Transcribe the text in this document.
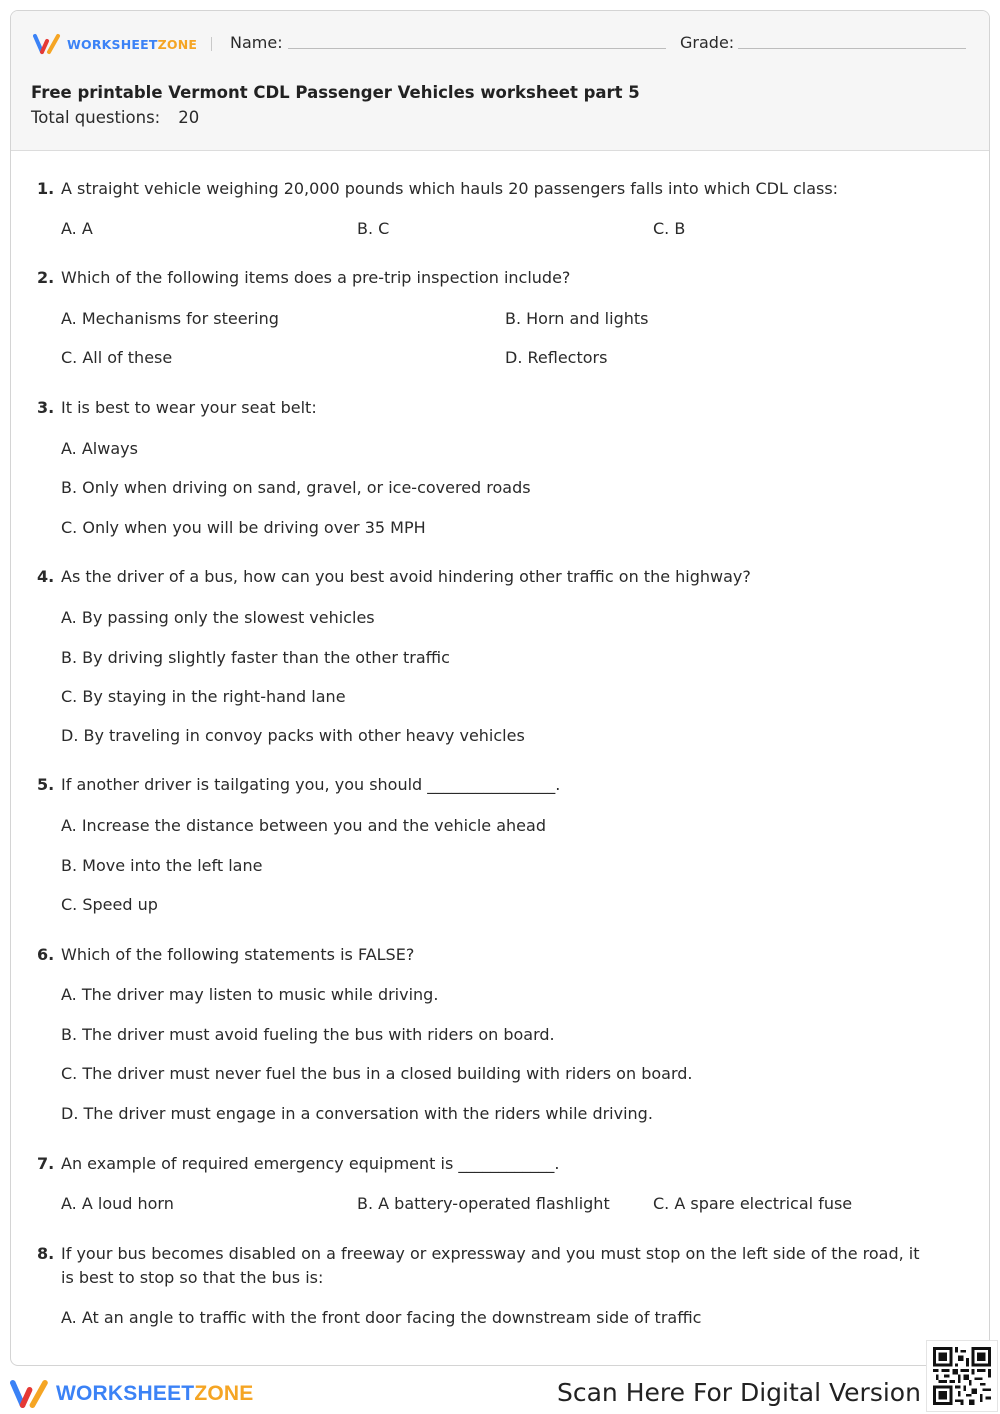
WORKSHEETZONE Name:	Grade:
Free printable Vermont CDL Passenger Vehicles worksheet part 5
Total questions: 20
1. A straight vehicle weighing 20,000 pounds which hauls 20 passengers falls into which CDL class:
A. A	B. C	C. B
2. Which of the following items does a pre-trip inspection include?
A. Mechanisms for steering	B. Horn and lights
C. All of these	D. Reflectors
3. It is best to wear your seat belt:
A. Always
B. Only when driving on sand, gravel, or ice-covered roads
C. Only when you will be driving over 35 MPH
4. As the driver of a bus, how can you best avoid hindering other traffic on the highway?
A. By passing only the slowest vehicles
B. By driving slightly faster than the other traffic
C. By staying in the right-hand lane
D. By traveling in convoy packs with other heavy vehicles
5. If another driver is tailgating you, you should ________________.
A. Increase the distance between you and the vehicle ahead
B. Move into the left lane
C. Speed up
6. Which of the following statements is FALSE?
A. The driver may listen to music while driving.
B. The driver must avoid fueling the bus with riders on board.
C. The driver must never fuel the bus in a closed building with riders on board.
D. The driver must engage in a conversation with the riders while driving.
7. An example of required emergency equipment is ____________.
A. A loud horn	B. A battery-operated flashlight	C. A spare electrical fuse
8. If your bus becomes disabled on a freeway or expressway and you must stop on the left side of the road, it is best to stop so that the bus is:
A. At an angle to traffic with the front door facing the downstream side of traffic
WORKSHEETZONE	Scan Here For Digital Version
